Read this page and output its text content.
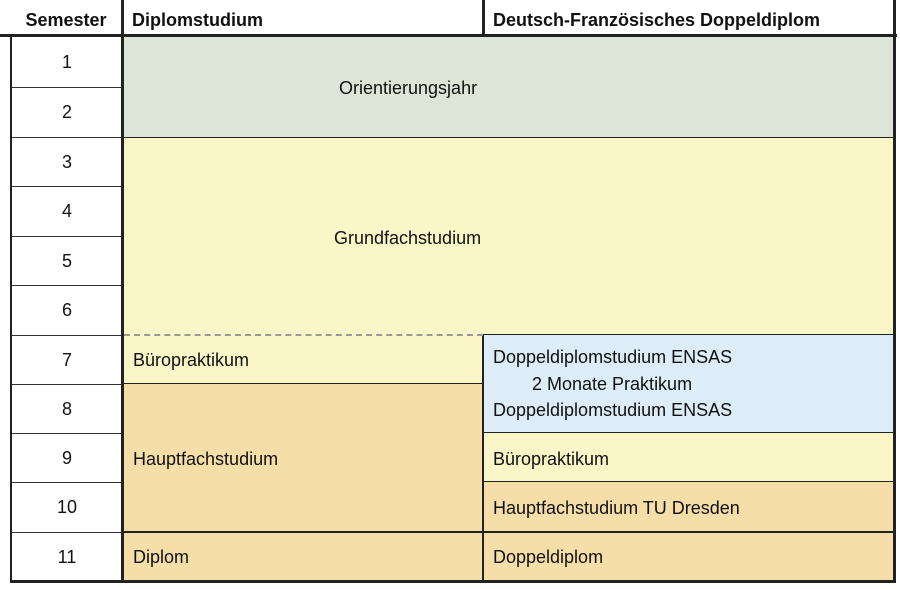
Semester	Diplomstudium	Deutsch-Französisches Doppeldiplom
1
2
3
4
5
6
7
8
9
10
11
Orientierungsjahr
Grundfachstudium
Büropraktikum
Hauptfachstudium
Diplom
Doppeldiplomstudium ENSAS
2 Monate Praktikum
Doppeldiplomstudium ENSAS
Büropraktikum
Hauptfachstudium TU Dresden
Doppeldiplom
